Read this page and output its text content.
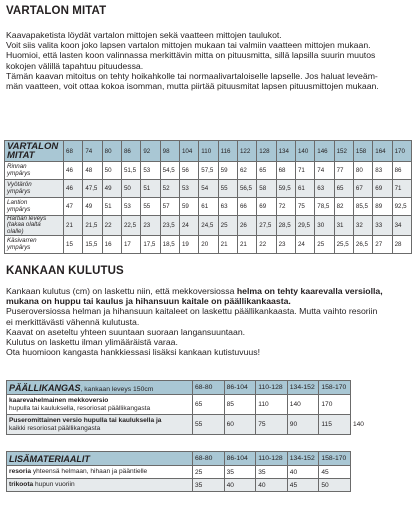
VARTALON MITAT

Kaavapaketista löydät vartalon mittojen sekä vaatteen mittojen taulukot.

Voit siis valita koon joko lapsen vartalon mittojen mukaan tai valmiin vaatteen mittojen mukaan.

Huomioi, että lasten koon valinnassa merkittävin mitta on pituusmitta, sillä lapsilla suurin muutos

kokojen välillä tapahtuu pituudessa.

Tämän kaavan mitoitus on tehty hoikahkolle tai normaalivartaloiselle lapselle. Jos haluat leveäm-

män vaatteen, voit ottaa kokoa isomman, mutta piirtää pituusmitat lapsen pituusmittojen mukaan.

VARTALON
MITAT	68	74	80	86	92	98	104	110	116	122	128	134	140	146	152	158	164	170
Rinnan
ympärys	46	48	50	51,5	53	54,5	56	57,5	59	62	65	68	71	74	77	80	83	86
Vyötärön
ympärys	46	47,5	49	50	51	52	53	54	55	56,5	58	59,5	61	63	65	67	69	71
Lantion
ympärys	47	49	51	53	55	57	59	61	63	66	69	72	75	78,5	82	85,5	89	92,5
Hartian leveys
(takaa olalta
olalle)	21	21,5	22	22,5	23	23,5	24	24,5	25	26	27,5	28,5	29,5	30	31	32	33	34
Käsivarren
ympärys	15	15,5	16	17	17,5	18,5	19	20	21	21	22	23	24	25	25,5	26,5	27	28
KANKAAN KULUTUS

Kankaan kulutus (cm) on laskettu niin, että mekkoversiossa helma on tehty kaarevalla versiolla,

mukana on huppu tai kaulus ja hihansuun kaitale on päällikankaasta.

Puseroversiossa helman ja hihansuun kaitaleet on laskettu päällikankaasta. Mutta vaihto resoriin

ei merkittävästi vähennä kulutusta.

Kaavat on aseteltu yhteen suuntaan suoraan langansuuntaan.

Kulutus on laskettu ilman ylimääräistä varaa.

Ota huomioon kangasta hankkiessasi lisäksi kankaan kutistuvuus!

PÄÄLLIKANGAS, kankaan leveys 150cm	68-80	86-104	110-128	134-152	158-170	
kaarevahelmainen mekkoversio
hupulla tai kauluksella, resoriosat päällikangasta	65	85	110	140	170	
Puseromittainen versio hupulla tai kauluksella ja
kaikki resoriosat päällikangasta	55	60	75	90	115	140
LISÄMATERIAALIT	68-80	86-104	110-128	134-152	158-170
resoria yhteensä helmaan, hihaan ja pääntielle	25	35	35	40	45
trikoota hupun vuoriin	35	40	40	45	50
